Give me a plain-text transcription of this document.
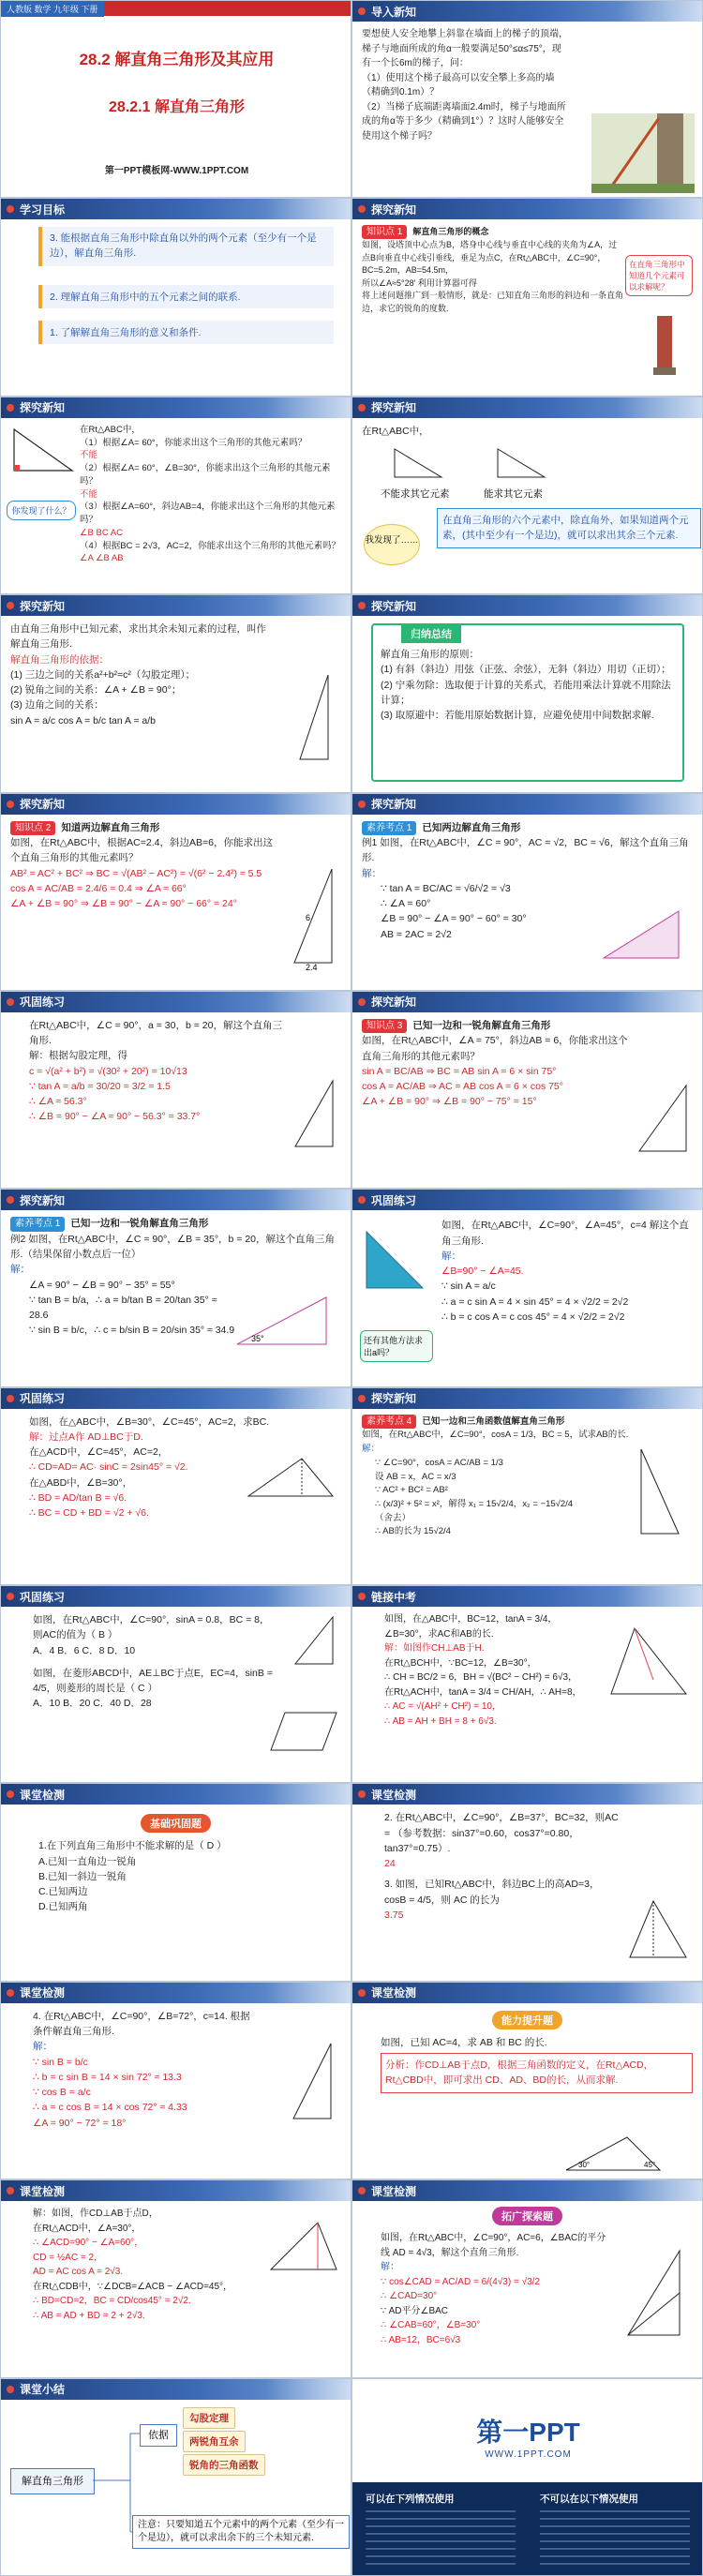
人教版 数学 九年级 下册
28.2 解直角三角形及其应用
28.2.1 解直角三角形
第一PPT模板网-WWW.1PPT.COM
导入新知
要想使人安全地攀上斜靠在墙面上的梯子的顶端，梯子与地面所成的角α一般要满足50°≤α≤75°，现有一个长6m的梯子，问：
（1）使用这个梯子最高可以安全攀上多高的墙（精确到0.1m）？
（2）当梯子底端距离墙面2.4m时，梯子与地面所成的角α等于多少（精确到1°）？这时人能够安全使用这个梯子吗？
学习目标
3. 能根据直角三角形中除直角以外的两个元素（至少有一个是边），解直角三角形.
2. 理解直角三角形中的五个元素之间的联系.
1. 了解解直角三角形的意义和条件.
探究新知
知识点 1 解直角三角形的概念
如图，设塔顶中心点为B，塔身中心线与垂直中心线的夹角为∠A，过点B向垂直中心线引垂线，垂足为点C，在Rt△ABC中，∠C=90°，BC=5.2m，AB=54.5m，
所以∠A≈5°28′ 利用计算器可得
将上述问题推广到一般情形，就是：已知直角三角形的斜边和一条直角边，求它的锐角的度数.
在直角三角形中知道几个元素可以求解呢？
探究新知
在Rt△ABC中，
（1）根据∠A= 60°，你能求出这个三角形的其他元素吗？
不能
（2）根据∠A= 60°，∠B=30°，你能求出这个三角形的其他元素吗？
不能
（3）根据∠A=60°，斜边AB=4，你能求出这个三角形的其他元素吗？
∠B BC AC
（4）根据BC = 2√3，AC=2，你能求出这个三角形的其他元素吗？
∠A ∠B AB
你发现了什么？
探究新知
在Rt△ABC中，
不能求其它元素	能求其它元素
我发现了……
在直角三角形的六个元素中，除直角外，如果知道两个元素，(其中至少有一个是边)，就可以求出其余三个元素.
探究新知
由直角三角形中已知元素，求出其余未知元素的过程，叫作解直角三角形.
解直角三角形的依据：
(1) 三边之间的关系a²+b²=c²（勾股定理）；
(2) 锐角之间的关系：∠A + ∠B = 90°；
(3) 边角之间的关系：
sin A = a/c cos A = b/c tan A = a/b
探究新知
归纳总结
解直角三角形的原则：
(1) 有斜（斜边）用弦（正弦、余弦），无斜（斜边）用切（正切）；
(2) 宁乘勿除：选取便于计算的关系式，若能用乘法计算就不用除法计算；
(3) 取原避中：若能用原始数据计算，应避免使用中间数据求解.
探究新知
知识点 2 知道两边解直角三角形
如图，在Rt△ABC中，根据AC=2.4，斜边AB=6，你能求出这个直角三角形的其他元素吗？
AB² = AC² + BC² ⇒ BC = √(AB² − AC²) = √(6² − 2.4²) ≈ 5.5
cos A = AC/AB = 2.4/6 = 0.4 ⇒ ∠A ≈ 66°
∠A + ∠B = 90° ⇒ ∠B = 90° − ∠A ≈ 90° − 66° = 24°
6
2.4
探究新知
素养考点 1 已知两边解直角三角形
例1 如图，在Rt△ABC中，∠C = 90°，AC = √2，BC = √6，解这个直角三角形.
解：
∵ tan A = BC/AC = √6/√2 = √3
∴ ∠A = 60°
∠B = 90° − ∠A = 90° − 60° = 30°
AB = 2AC = 2√2
巩固练习
在Rt△ABC中，∠C = 90°，a = 30，b = 20，解这个直角三角形.
解：根据勾股定理，得
c = √(a² + b²) = √(30² + 20²) = 10√13
∵ tan A = a/b = 30/20 = 3/2 = 1.5
∴ ∠A ≈ 56.3°
∴ ∠B = 90° − ∠A ≈ 90° − 56.3° = 33.7°
探究新知
知识点 3 已知一边和一锐角解直角三角形
如图，在Rt△ABC中，∠A = 75°，斜边AB = 6，你能求出这个直角三角形的其他元素吗？
sin A = BC/AB ⇒ BC = AB sin A = 6 × sin 75°
cos A = AC/AB ⇒ AC = AB cos A = 6 × cos 75°
∠A + ∠B = 90° ⇒ ∠B = 90° − 75° = 15°
探究新知
素养考点 1 已知一边和一锐角解直角三角形
例2 如图，在Rt△ABC中，∠C = 90°，∠B = 35°，b = 20，解这个直角三角形.（结果保留小数点后一位）
解：
∠A = 90° − ∠B = 90° − 35° = 55°
∵ tan B = b/a，∴ a = b/tan B = 20/tan 35° ≈ 28.6
∵ sin B = b/c，∴ c = b/sin B = 20/sin 35° ≈ 34.9
35°
巩固练习
如图，在Rt△ABC中，∠C=90°，∠A=45°，c=4 解这个直角三角形.
解：
∠B=90° − ∠A=45.
∵ sin A = a/c
∴ a = c sin A = 4 × sin 45° = 4 × √2/2 = 2√2
∴ b = c cos A = c cos 45° = 4 × √2/2 = 2√2
还有其他方法求出a吗？
巩固练习
如图，在△ABC中，∠B=30°，∠C=45°，AC=2，求BC.
解：过点A作 AD⊥BC于D.
在△ACD中，∠C=45°，AC=2，
∴ CD=AD= AC· sinC = 2sin45° = √2.
在△ABD中，∠B=30°，
∴ BD = AD/tan B = √6.
∴ BC = CD + BD = √2 + √6.
探究新知
素养考点 4 已知一边和三角函数值解直角三角形
如图，在Rt△ABC中，∠C=90°，cosA = 1/3，BC = 5，试求AB的长.
解：
∵ ∠C=90°，cosA = AC/AB = 1/3
设 AB = x，AC = x/3
∵ AC² + BC² = AB²
∴ (x/3)² + 5² = x²，解得 x₁ = 15√2/4，x₂ = −15√2/4（舍去）
∴ AB的长为 15√2/4
巩固练习
如图，在Rt△ABC中，∠C=90°，sinA = 0.8，BC = 8，则AC的值为（ B ）
A．4 B．6 C．8 D．10
如图，在菱形ABCD中，AE⊥BC于点E，EC=4，sinB = 4/5，则菱形的周长是（ C ）
A．10 B．20 C．40 D．28
链接中考
如图，在△ABC中，BC=12，tanA = 3/4，∠B=30°，求AC和AB的长.
解：如图作CH⊥AB于H.
在Rt△BCH中，∵BC=12，∠B=30°，
∴ CH = BC/2 = 6，BH = √(BC² − CH²) = 6√3，
在Rt△ACH中，tanA = 3/4 = CH/AH，∴ AH=8，
∴ AC = √(AH² + CH²) = 10，
∴ AB = AH + BH = 8 + 6√3.
课堂检测
基础巩固题
1.在下列直角三角形中不能求解的是（ D ）
A.已知一直角边一锐角
B.已知一斜边一锐角
C.已知两边
D.已知两角
课堂检测
2. 在Rt△ABC中，∠C=90°，∠B=37°，BC=32，则AC = （参考数据：sin37°=0.60，cos37°=0.80，tan37°=0.75）.
24
3. 如图，已知Rt△ABC中，斜边BC上的高AD=3，cosB = 4/5，则 AC 的长为
3.75
课堂检测
4. 在Rt△ABC中，∠C=90°，∠B=72°，c=14. 根据条件解直角三角形.
解：
∵ sin B = b/c
∴ b = c sin B = 14 × sin 72° ≈ 13.3
∵ cos B = a/c
∴ a = c cos B = 14 × cos 72° ≈ 4.33
∠A = 90° − 72° = 18°
课堂检测
能力提升题
如图，已知 AC=4，求 AB 和 BC 的长.
分析：作CD⊥AB于点D，根据三角函数的定义，在Rt△ACD，Rt△CBD中，即可求出 CD、AD、BD的长，从而求解.
30°	45°
课堂检测
解：如图，作CD⊥AB于点D，
在Rt△ACD中，∠A=30°，
∴ ∠ACD=90° − ∠A=60°，
CD = ½AC = 2，
AD = AC cos A = 2√3.
在Rt△CDB中，∵∠DCB=∠ACB − ∠ACD=45°，
∴ BD=CD=2，BC = CD/cos45° = 2√2.
∴ AB = AD + BD = 2 + 2√3.
课堂检测
拓广探索题
如图，在Rt△ABC中，∠C=90°，AC=6，∠BAC的平分线 AD = 4√3，解这个直角三角形.
解：
∵ cos∠CAD = AC/AD = 6/(4√3) = √3/2
∴ ∠CAD=30°
∵ AD平分∠BAC
∴ ∠CAB=60°，∠B=30°
∴ AB=12，BC=6√3
课堂小结
解直角三角形
依据
勾股定理
两锐角互余
锐角的三角函数
注意：只要知道五个元素中的两个元素（至少有一个是边），就可以求出余下的三个未知元素.
第一PPT
WWW.1PPT.COM
可以在下列情况使用	不可以在以下情况使用
